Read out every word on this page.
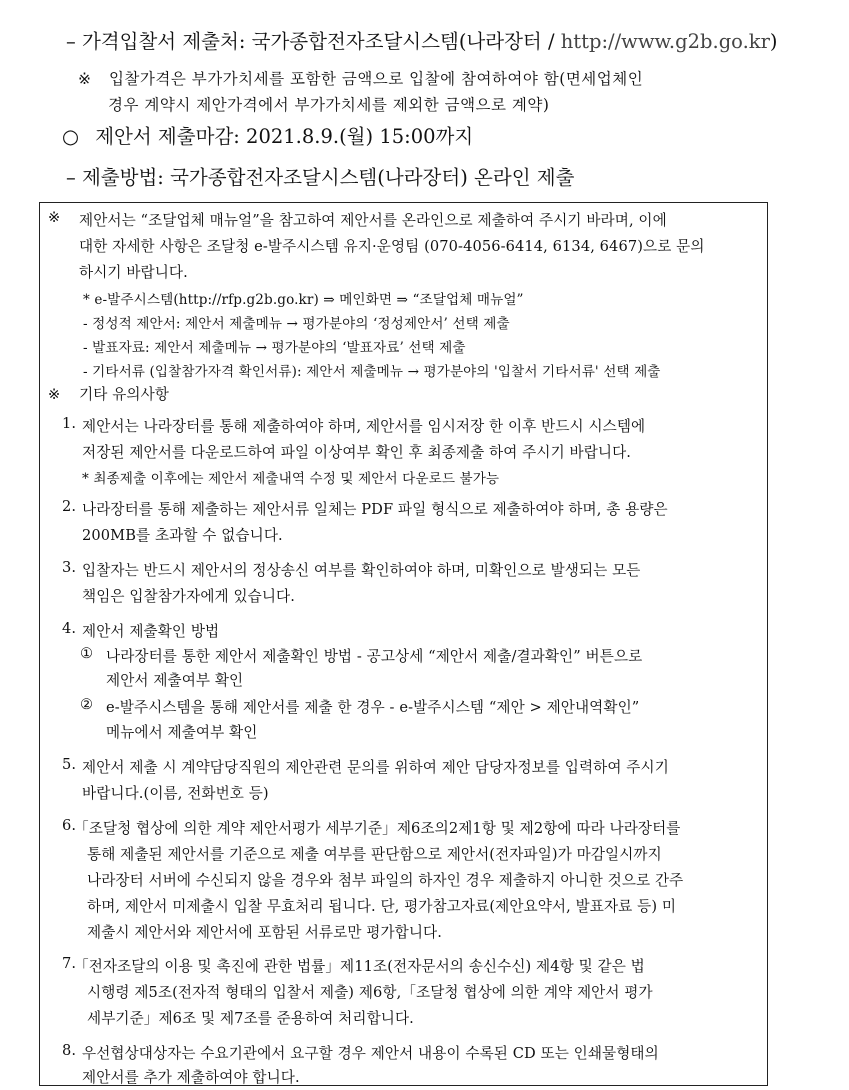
– 가격입찰서 제출처: 국가종합전자조달시스템(나라장터 / http://www.g2b.go.kr)
※ 입찰가격은 부가가치세를 포함한 금액으로 입찰에 참여하여야 함(면세업체인
경우 계약시 제안가격에서 부가가치세를 제외한 금액으로 계약)
○ 제안서 제출마감: 2021.8.9.(월) 15:00까지
– 제출방법: 국가종합전자조달시스템(나라장터) 온라인 제출
※ 제안서는 “조달업체 매뉴얼”을 참고하여 제안서를 온라인으로 제출하여 주시기 바라며, 이에
대한 자세한 사항은 조달청 e-발주시스템 유지·운영팀 (070-4056-6414, 6134, 6467)으로 문의
하시기 바랍니다.
* e-발주시스템(http://rfp.g2b.go.kr) ⇒ 메인화면 ⇒ “조달업체 매뉴얼”
- 정성적 제안서: 제안서 제출메뉴 → 평가분야의 ‘정성제안서’ 선택 제출
- 발표자료: 제안서 제출메뉴 → 평가분야의 ‘발표자료’ 선택 제출
- 기타서류 (입찰참가자격 확인서류): 제안서 제출메뉴 → 평가분야의 '입찰서 기타서류' 선택 제출
※ 기타 유의사항
1. 제안서는 나라장터를 통해 제출하여야 하며, 제안서를 임시저장 한 이후 반드시 시스템에
저장된 제안서를 다운로드하여 파일 이상여부 확인 후 최종제출 하여 주시기 바랍니다.
* 최종제출 이후에는 제안서 제출내역 수정 및 제안서 다운로드 불가능
2. 나라장터를 통해 제출하는 제안서류 일체는 PDF 파일 형식으로 제출하여야 하며, 총 용량은
200MB를 초과할 수 없습니다.
3. 입찰자는 반드시 제안서의 정상송신 여부를 확인하여야 하며, 미확인으로 발생되는 모든
책임은 입찰참가자에게 있습니다.
4. 제안서 제출확인 방법
① 나라장터를 통한 제안서 제출확인 방법 - 공고상세 “제안서 제출/결과확인” 버튼으로
제안서 제출여부 확인
② e-발주시스템을 통해 제안서를 제출 한 경우 - e-발주시스템 “제안 > 제안내역확인”
메뉴에서 제출여부 확인
5. 제안서 제출 시 계약담당직원의 제안관련 문의를 위하여 제안 담당자정보를 입력하여 주시기
바랍니다.(이름, 전화번호 등)
6.
「조달청 협상에 의한 계약 제안서평가 세부기준」제6조의2제1항 및 제2항에 따라 나라장터를
통해 제출된 제안서를 기준으로 제출 여부를 판단함으로 제안서(전자파일)가 마감일시까지
나라장터 서버에 수신되지 않을 경우와 첨부 파일의 하자인 경우 제출하지 아니한 것으로 간주
하며, 제안서 미제출시 입찰 무효처리 됩니다. 단, 평가참고자료(제안요약서, 발표자료 등) 미
제출시 제안서와 제안서에 포함된 서류로만 평가합니다.
7.
「전자조달의 이용 및 촉진에 관한 법률」제11조(전자문서의 송신수신) 제4항 및 같은 법
시행령 제5조(전자적 형태의 입찰서 제출) 제6항,「조달청 협상에 의한 계약 제안서 평가
세부기준」제6조 및 제7조를 준용하여 처리합니다.
8. 우선협상대상자는 수요기관에서 요구할 경우 제안서 내용이 수록된 CD 또는 인쇄물형태의
제안서를 추가 제출하여야 합니다.
